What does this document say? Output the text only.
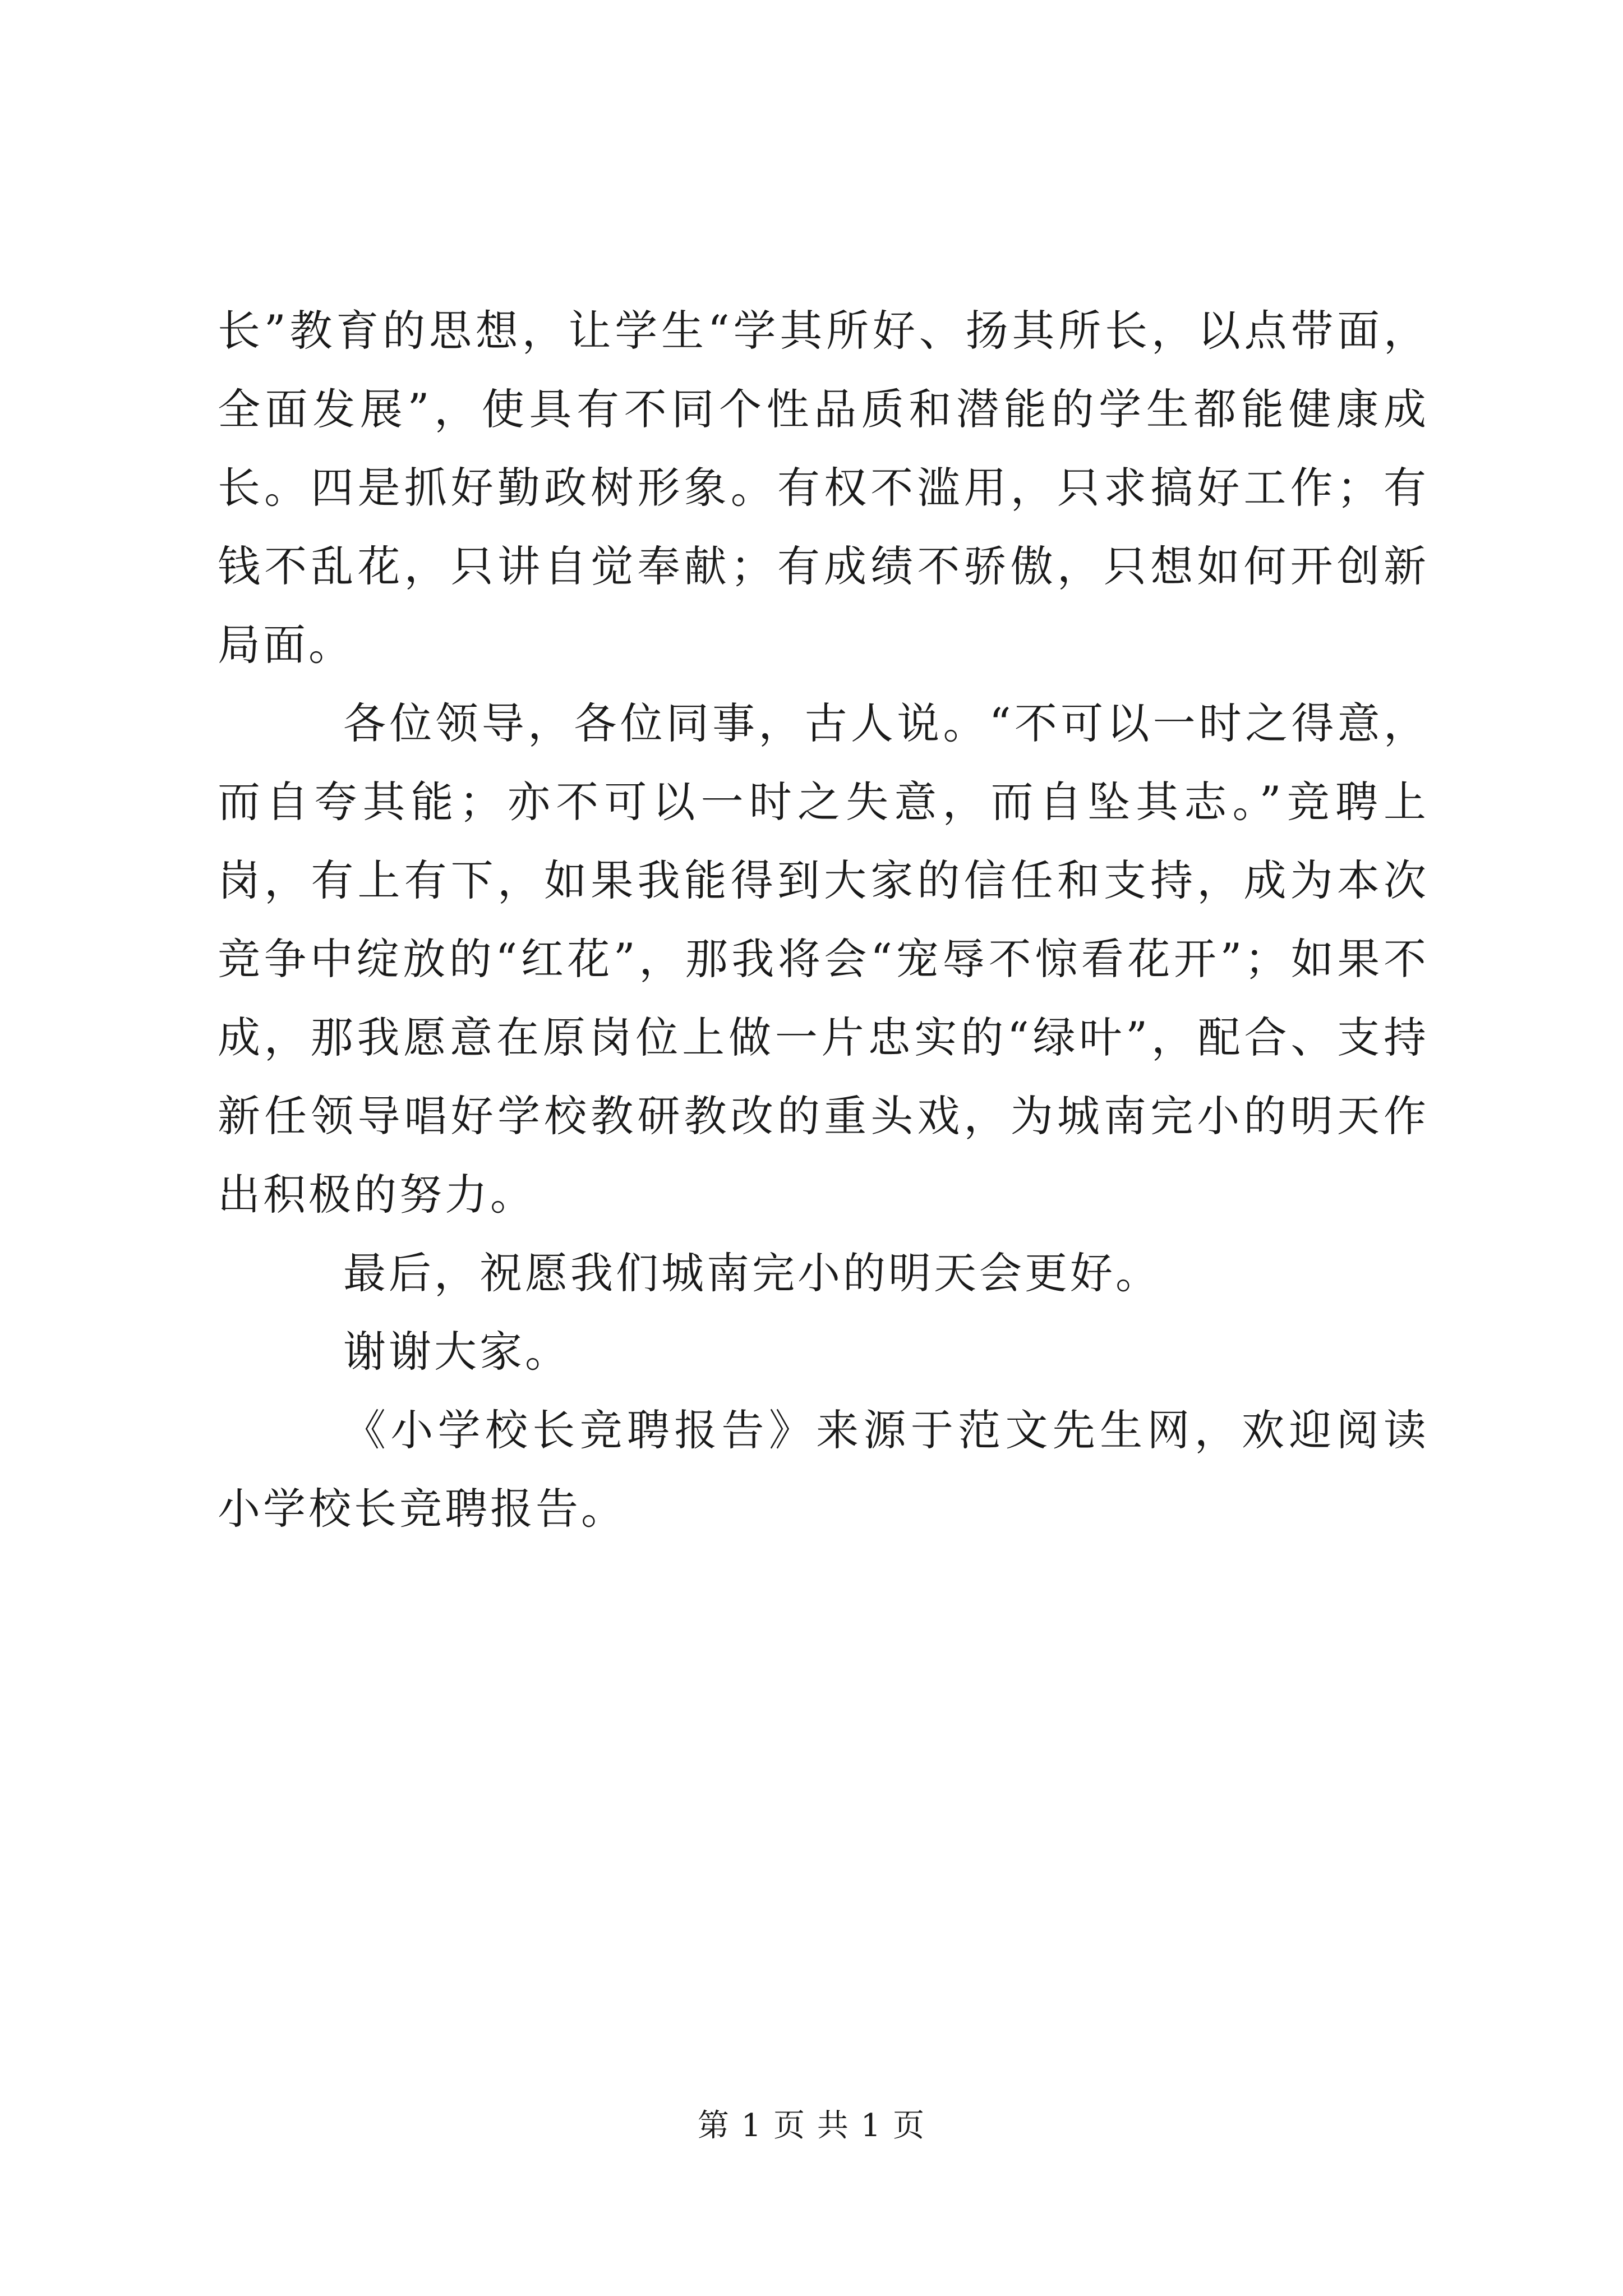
长”教育的思想，让学生“学其所好、扬其所长，以点带面，全面发展”，使具有不同个性品质和潜能的学生都能健康成长。四是抓好勤政树形象。有权不滥用，只求搞好工作；有钱不乱花，只讲自觉奉献；有成绩不骄傲，只想如何开创新局面。

各位领导，各位同事，古人说。“不可以一时之得意，而自夸其能；亦不可以一时之失意，而自坠其志。”竞聘上岗，有上有下，如果我能得到大家的信任和支持，成为本次竞争中绽放的“红花”，那我将会“宠辱不惊看花开”；如果不成，那我愿意在原岗位上做一片忠实的“绿叶”，配合、支持新任领导唱好学校教研教改的重头戏，为城南完小的明天作出积极的努力。

最后，祝愿我们城南完小的明天会更好。

谢谢大家。

《小学校长竞聘报告》来源于范文先生网，欢迎阅读小学校长竞聘报告。

第 1 页 共 1 页
